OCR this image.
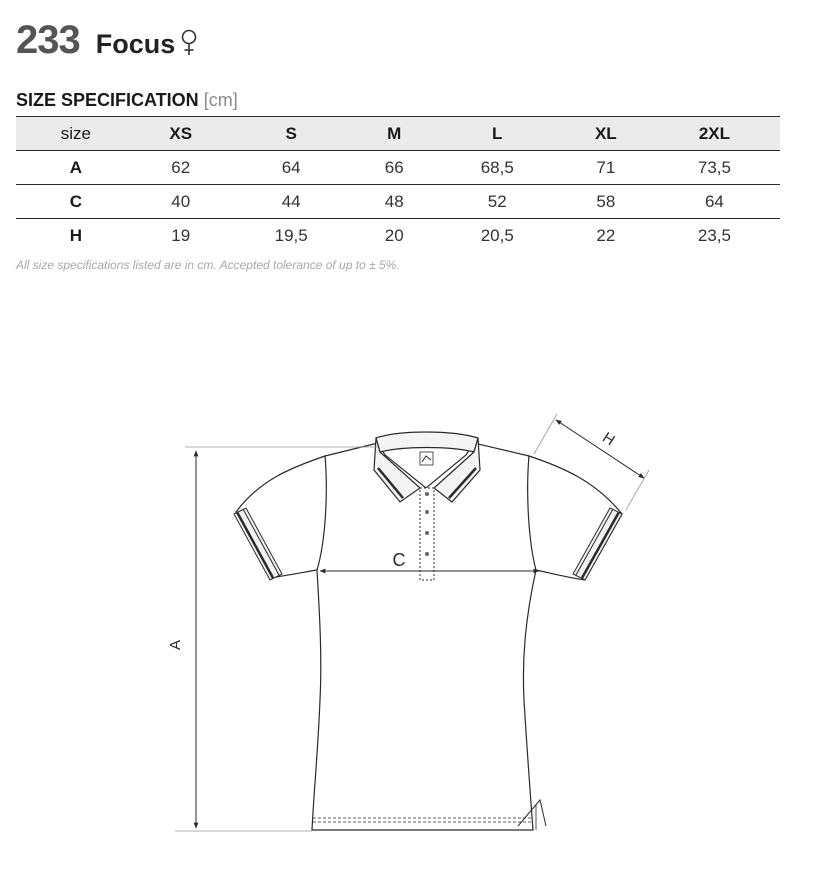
233 Focus
SIZE SPECIFICATION [cm]
size	XS	S	M	L	XL	2XL
A	62	64	66	68,5	71	73,5
C	40	44	48	52	58	64
H	19	19,5	20	20,5	22	23,5
All size specifications listed are in cm. Accepted tolerance of up to ± 5%.
A
C
H
